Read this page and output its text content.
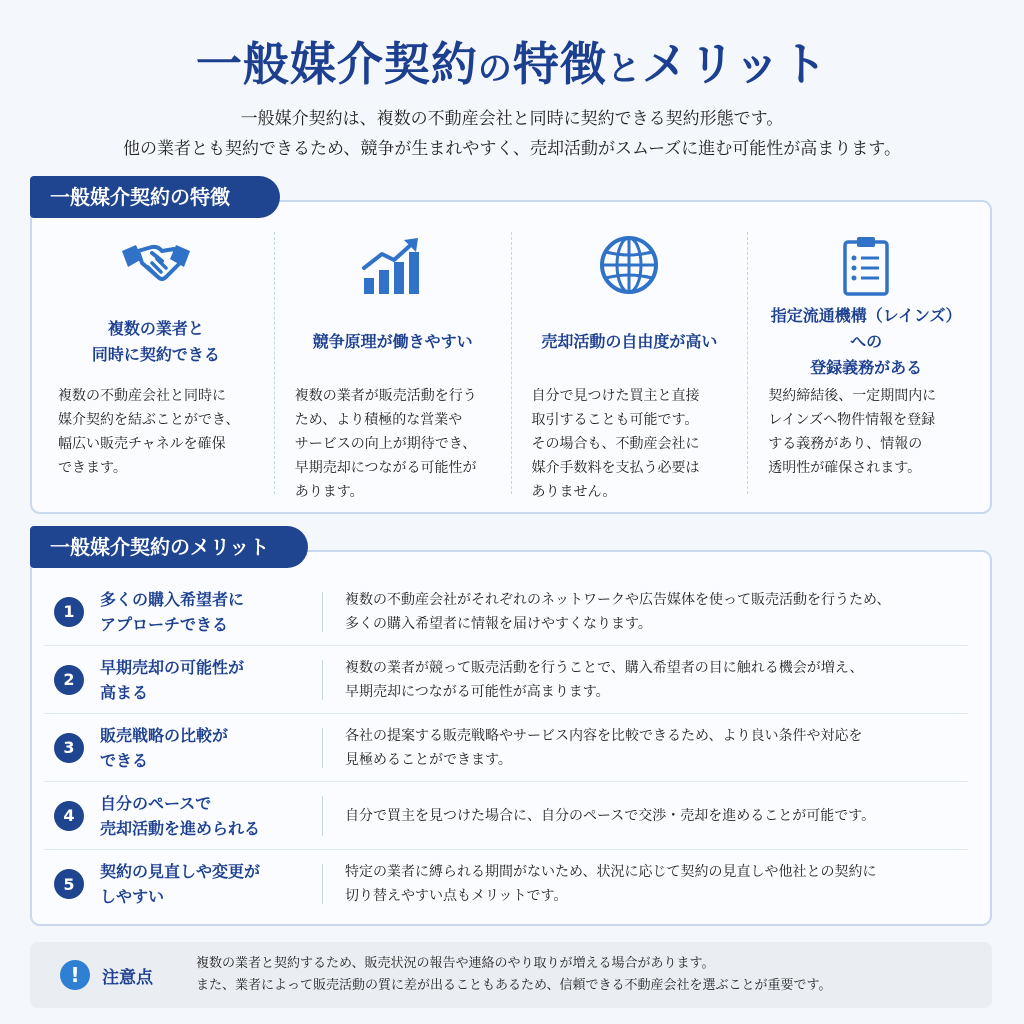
一般媒介契約の特徴とメリット
一般媒介契約は、複数の不動産会社と同時に契約できる契約形態です。
他の業者とも契約できるため、競争が生まれやすく、売却活動がスムーズに進む可能性が高まります。
一般媒介契約の特徴
複数の業者と
同時に契約できる
複数の不動産会社と同時に
媒介契約を結ぶことができ、
幅広い販売チャネルを確保
できます。
競争原理が働きやすい
複数の業者が販売活動を行う
ため、より積極的な営業や
サービスの向上が期待でき、
早期売却につながる可能性が
あります。
売却活動の自由度が高い
自分で見つけた買主と直接
取引することも可能です。
その場合も、不動産会社に
媒介手数料を支払う必要は
ありません。
指定流通機構（レインズ）への
登録義務がある
契約締結後、一定期間内に
レインズへ物件情報を登録
する義務があり、情報の
透明性が確保されます。
一般媒介契約のメリット
1
多くの購入希望者に
アプローチできる
複数の不動産会社がそれぞれのネットワークや広告媒体を使って販売活動を行うため、
多くの購入希望者に情報を届けやすくなります。
2
早期売却の可能性が
高まる
複数の業者が競って販売活動を行うことで、購入希望者の目に触れる機会が増え、
早期売却につながる可能性が高まります。
3
販売戦略の比較が
できる
各社の提案する販売戦略やサービス内容を比較できるため、より良い条件や対応を
見極めることができます。
4
自分のペースで
売却活動を進められる
自分で買主を見つけた場合に、自分のペースで交渉・売却を進めることが可能です。
5
契約の見直しや変更が
しやすい
特定の業者に縛られる期間がないため、状況に応じて契約の見直しや他社との契約に
切り替えやすい点もメリットです。
!	注意点
複数の業者と契約するため、販売状況の報告や連絡のやり取りが増える場合があります。
また、業者によって販売活動の質に差が出ることもあるため、信頼できる不動産会社を選ぶことが重要です。
